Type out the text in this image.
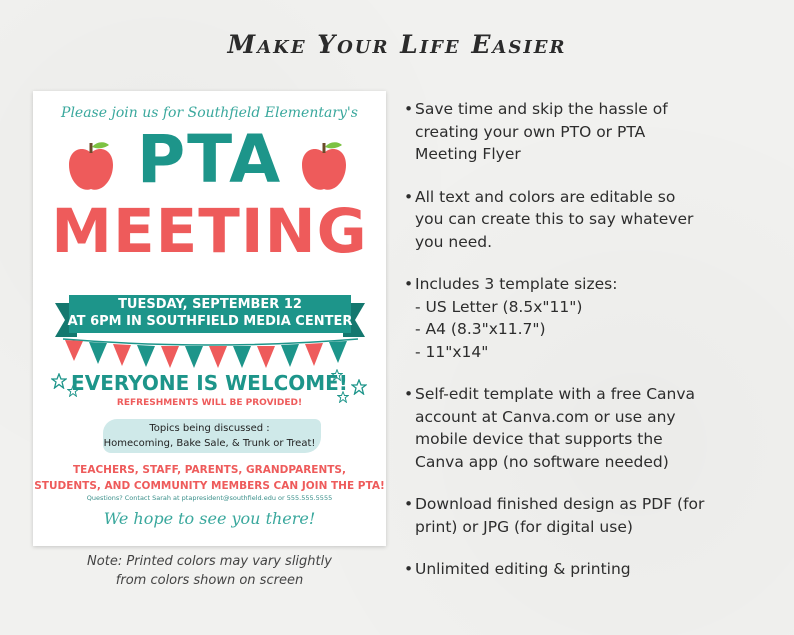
Make Your Life Easier
Please join us for Southfield Elementary's
PTA
MEETING
TUESDAY, SEPTEMBER 12
AT 6PM IN SOUTHFIELD MEDIA CENTER
EVERYONE IS WELCOME!
REFRESHMENTS WILL BE PROVIDED!
Topics being discussed :
Homecoming, Bake Sale, & Trunk or Treat!
TEACHERS, STAFF, PARENTS, GRANDPARENTS,
STUDENTS, AND COMMUNITY MEMBERS CAN JOIN THE PTA!
Questions? Contact Sarah at ptapresident@southfield.edu or 555.555.5555
We hope to see you there!
Note: Printed colors may vary slightly
from colors shown on screen
• Save time and skip the hassle of
creating your own PTO or PTA
Meeting Flyer
• All text and colors are editable so
you can create this to say whatever
you need.
• Includes 3 template sizes:
- US Letter (8.5x"11")
- A4 (8.3"x11.7")
- 11"x14"
• Self-edit template with a free Canva
account at Canva.com or use any
mobile device that supports the
Canva app (no software needed)
• Download finished design as PDF (for
print) or JPG (for digital use)
• Unlimited editing & printing
